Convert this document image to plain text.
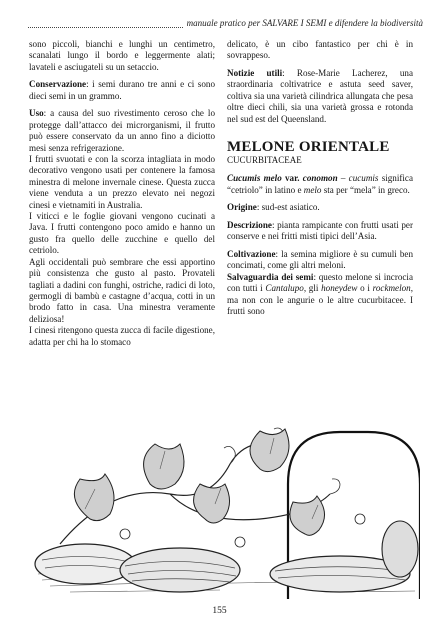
manuale pratico per SALVARE I SEMI e difendere la biodiversità

sono piccoli, bianchi e lunghi un centimetro, scanalati lungo il bordo e leggermente alati; lavateli e asciugateli su un setaccio.

Conservazione: i semi durano tre anni e ci sono dieci semi in un grammo.

Uso: a causa del suo rivestimento ceroso che lo protegge dall’attacco dei microrganismi, il frutto può essere conservato da un anno fino a diciotto mesi senza refrigerazione.

I frutti svuotati e con la scorza intagliata in modo decorativo vengono usati per contenere la famosa minestra di melone invernale cinese. Questa zucca viene venduta a un prezzo elevato nei negozi cinesi e vietnamiti in Australia.

I viticci e le foglie giovani vengono cucinati a Java. I frutti contengono poco amido e hanno un gusto fra quello delle zucchine e quello del cetriolo.

Agli occidentali può sembrare che essi apportino più consistenza che gusto al pasto. Provateli tagliati a dadini con funghi, ostriche, radici di loto, germogli di bambù e castagne d’acqua, cotti in un brodo fatto in casa. Una minestra veramente deliziosa!

I cinesi ritengono questa zucca di facile digestione, adatta per chi ha lo stomaco

delicato, è un cibo fantastico per chi è in sovrappeso.

Notizie utili: Rose-Marie Lacherez, una straordinaria coltivatrice e astuta seed saver, coltiva sia una varietà cilindrica allungata che pesa oltre dieci chili, sia una varietà grossa e rotonda nel sud est del Queensland.

MELONE ORIENTALE
CUCURBITACEAE

Cucumis melo var. conomon – cucumis significa “cetriolo” in latino e melo sta per “mela” in greco.

Origine: sud-est asiatico.

Descrizione: pianta rampicante con frutti usati per conserve e nei fritti misti tipici dell’Asia.

Coltivazione: la semina migliore è su cumuli ben concimati, come gli altri meloni.

Salvaguardia dei semi: questo melone si incrocia con tutti i Cantalupo, gli honeydew o i rockmelon, ma non con le angurie o le altre cucurbitacee. I frutti sono

155
